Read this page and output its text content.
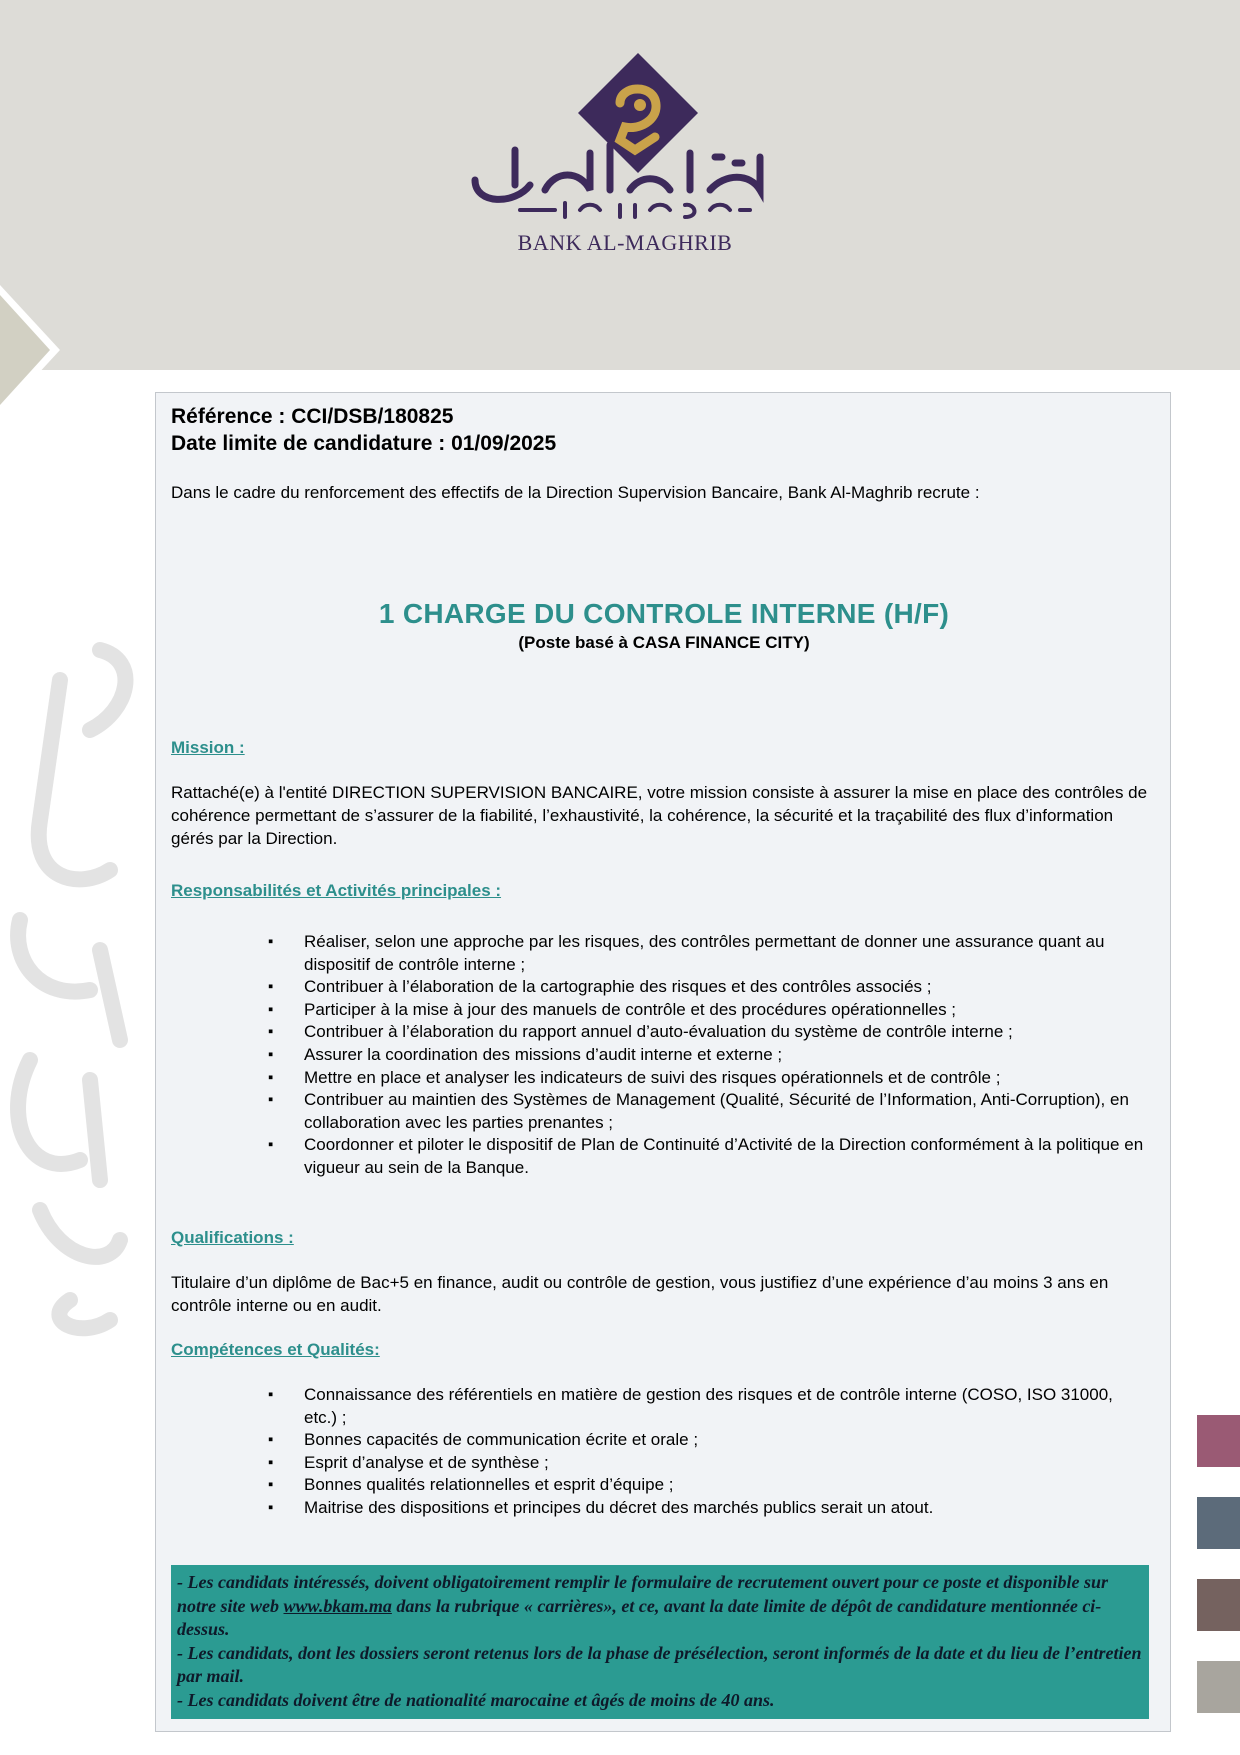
BANK AL-MAGHRIB
Référence : CCI/DSB/180825
Date limite de candidature : 01/09/2025
Dans le cadre du renforcement des effectifs de la Direction Supervision Bancaire, Bank Al-Maghrib recrute :
1 CHARGE DU CONTROLE INTERNE (H/F)
(Poste basé à CASA FINANCE CITY)
Mission :
Rattaché(e) à l'entité DIRECTION SUPERVISION BANCAIRE, votre mission consiste à assurer la mise en place des contrôles de cohérence permettant de s’assurer de la fiabilité, l’exhaustivité, la cohérence, la sécurité et la traçabilité des flux d’information gérés par la Direction.
Responsabilités et Activités principales :
▪ Réaliser, selon une approche par les risques, des contrôles permettant de donner une assurance quant au dispositif de contrôle interne ;
▪ Contribuer à l’élaboration de la cartographie des risques et des contrôles associés ;
▪ Participer à la mise à jour des manuels de contrôle et des procédures opérationnelles ;
▪ Contribuer à l’élaboration du rapport annuel d’auto-évaluation du système de contrôle interne ;
▪ Assurer la coordination des missions d’audit interne et externe ;
▪ Mettre en place et analyser les indicateurs de suivi des risques opérationnels et de contrôle ;
▪ Contribuer au maintien des Systèmes de Management (Qualité, Sécurité de l’Information, Anti-Corruption), en collaboration avec les parties prenantes ;
▪ Coordonner et piloter le dispositif de Plan de Continuité d’Activité de la Direction conformément à la politique en vigueur au sein de la Banque.
Qualifications :
Titulaire d’un diplôme de Bac+5 en finance, audit ou contrôle de gestion, vous justifiez d’une expérience d’au moins 3 ans en contrôle interne ou en audit.
Compétences et Qualités:
▪ Connaissance des référentiels en matière de gestion des risques et de contrôle interne (COSO, ISO 31000, etc.) ;
▪ Bonnes capacités de communication écrite et orale ;
▪ Esprit d’analyse et de synthèse ;
▪ Bonnes qualités relationnelles et esprit d’équipe ;
▪ Maitrise des dispositions et principes du décret des marchés publics serait un atout.

- Les candidats intéressés, doivent obligatoirement remplir le formulaire de recrutement ouvert pour ce poste et disponible sur notre site web www.bkam.ma dans la rubrique « carrières», et ce, avant la date limite de dépôt de candidature mentionnée ci-dessus.

- Les candidats, dont les dossiers seront retenus lors de la phase de présélection, seront informés de la date et du lieu de l’entretien par mail.

- Les candidats doivent être de nationalité marocaine et âgés de moins de 40 ans.
